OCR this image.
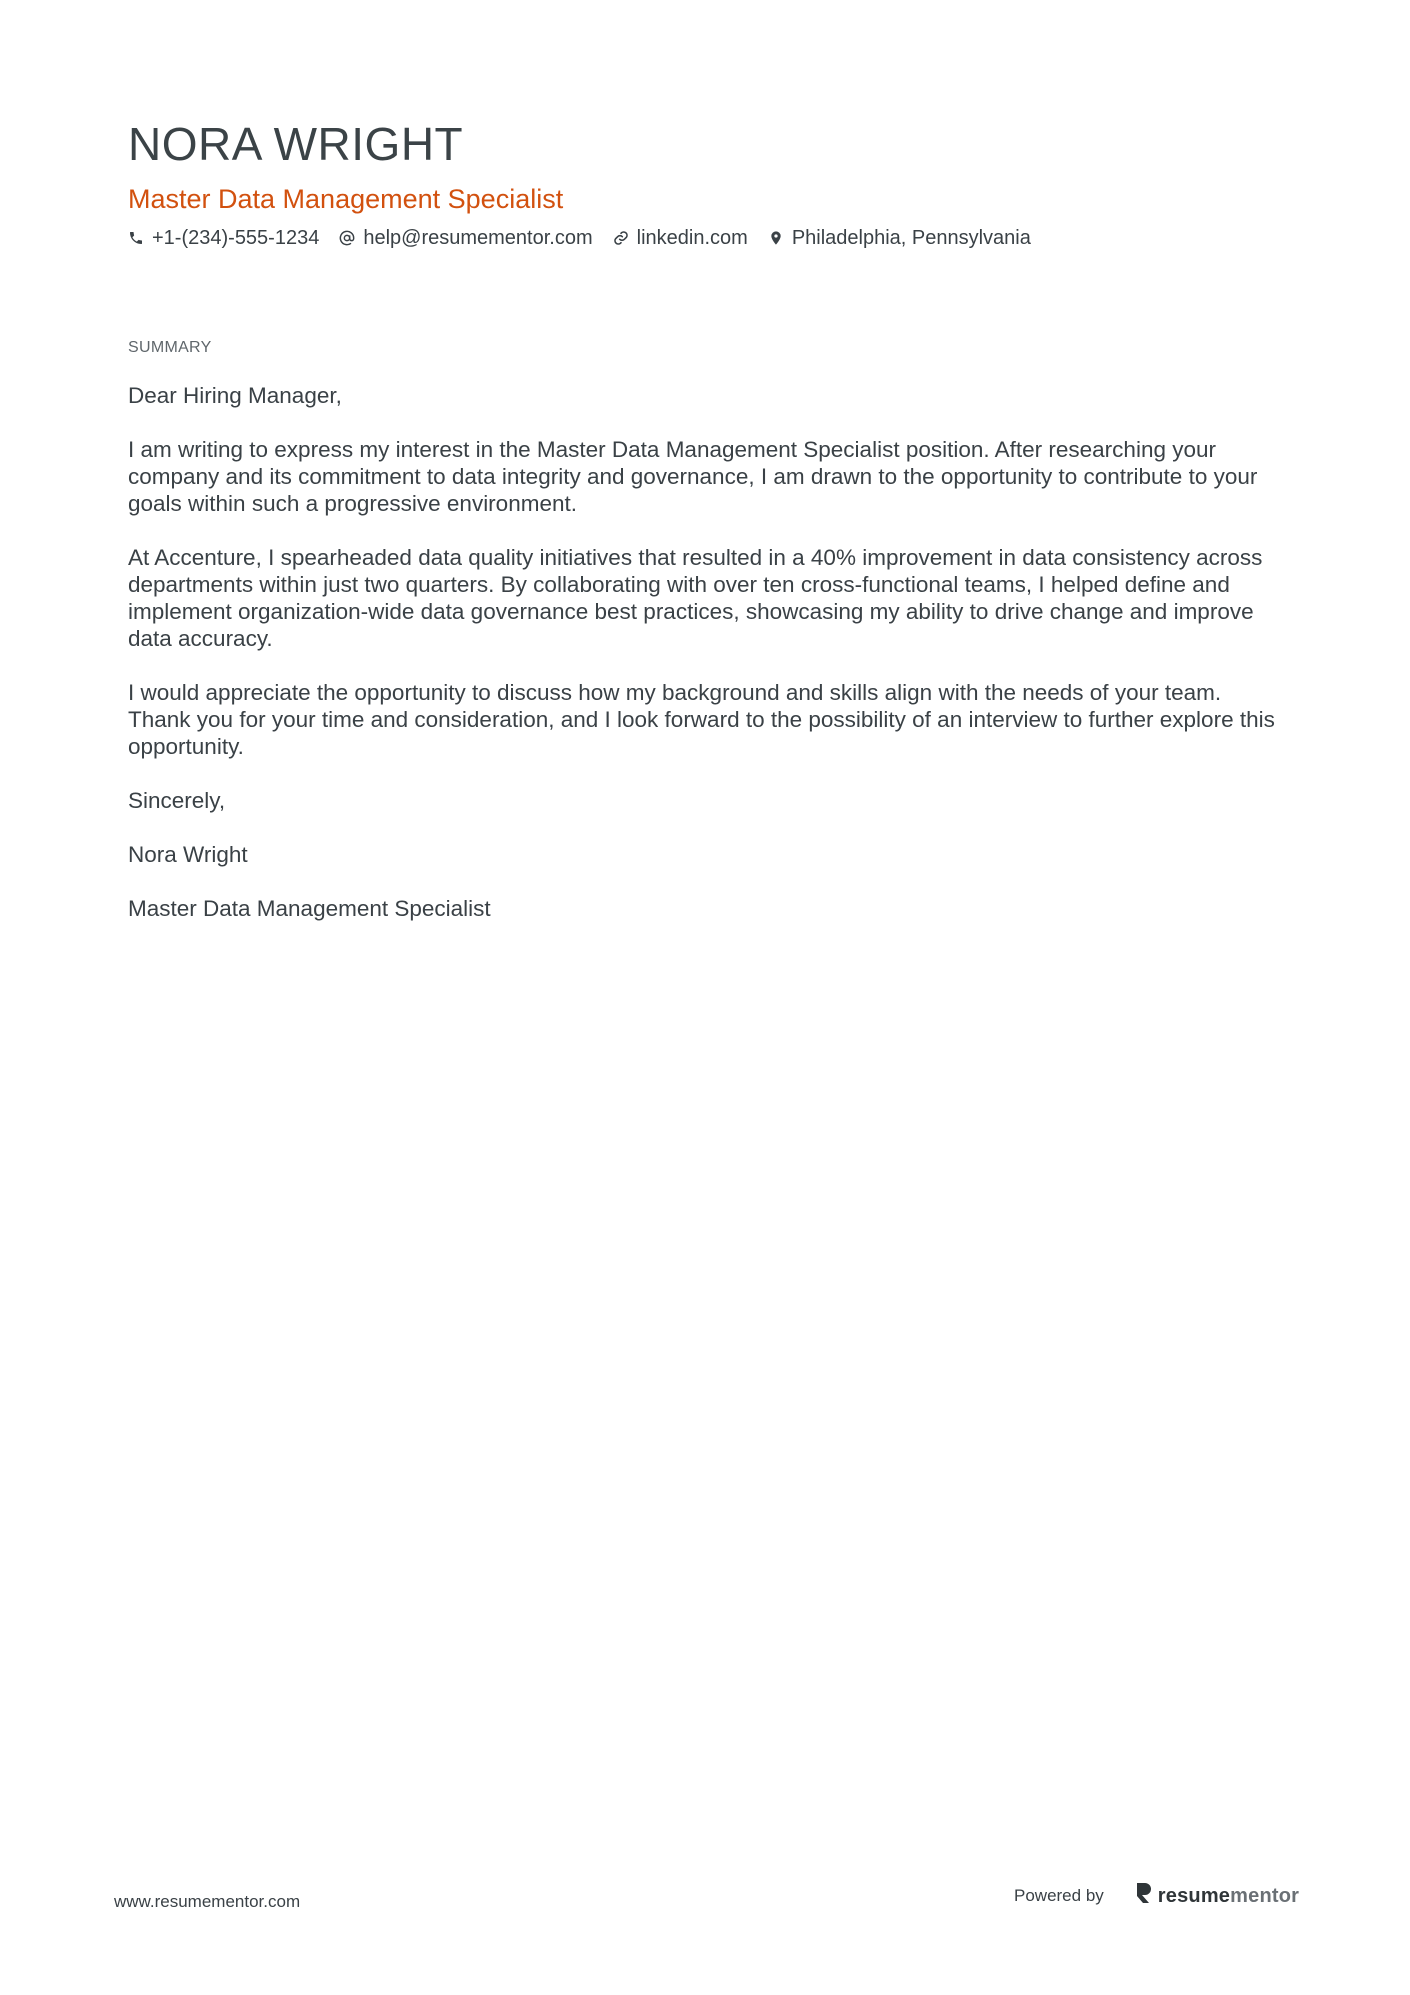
NORA WRIGHT
Master Data Management Specialist
+1-(234)-555-1234 help@resumementor.com linkedin.com Philadelphia, Pennsylvania
SUMMARY

Dear Hiring Manager,

I am writing to express my interest in the Master Data Management Specialist position. After researching your company and its commitment to data integrity and governance, I am drawn to the opportunity to contribute to your goals within such a progressive environment.

At Accenture, I spearheaded data quality initiatives that resulted in a 40% improvement in data consistency across departments within just two quarters. By collaborating with over ten cross-functional teams, I helped define and implement organization-wide data governance best practices, showcasing my ability to drive change and improve data accuracy.

I would appreciate the opportunity to discuss how my background and skills align with the needs of your team. Thank you for your time and consideration, and I look forward to the possibility of an interview to further explore this opportunity.

Sincerely,

Nora Wright

Master Data Management Specialist

www.resumementor.com	Powered by	resumementor
